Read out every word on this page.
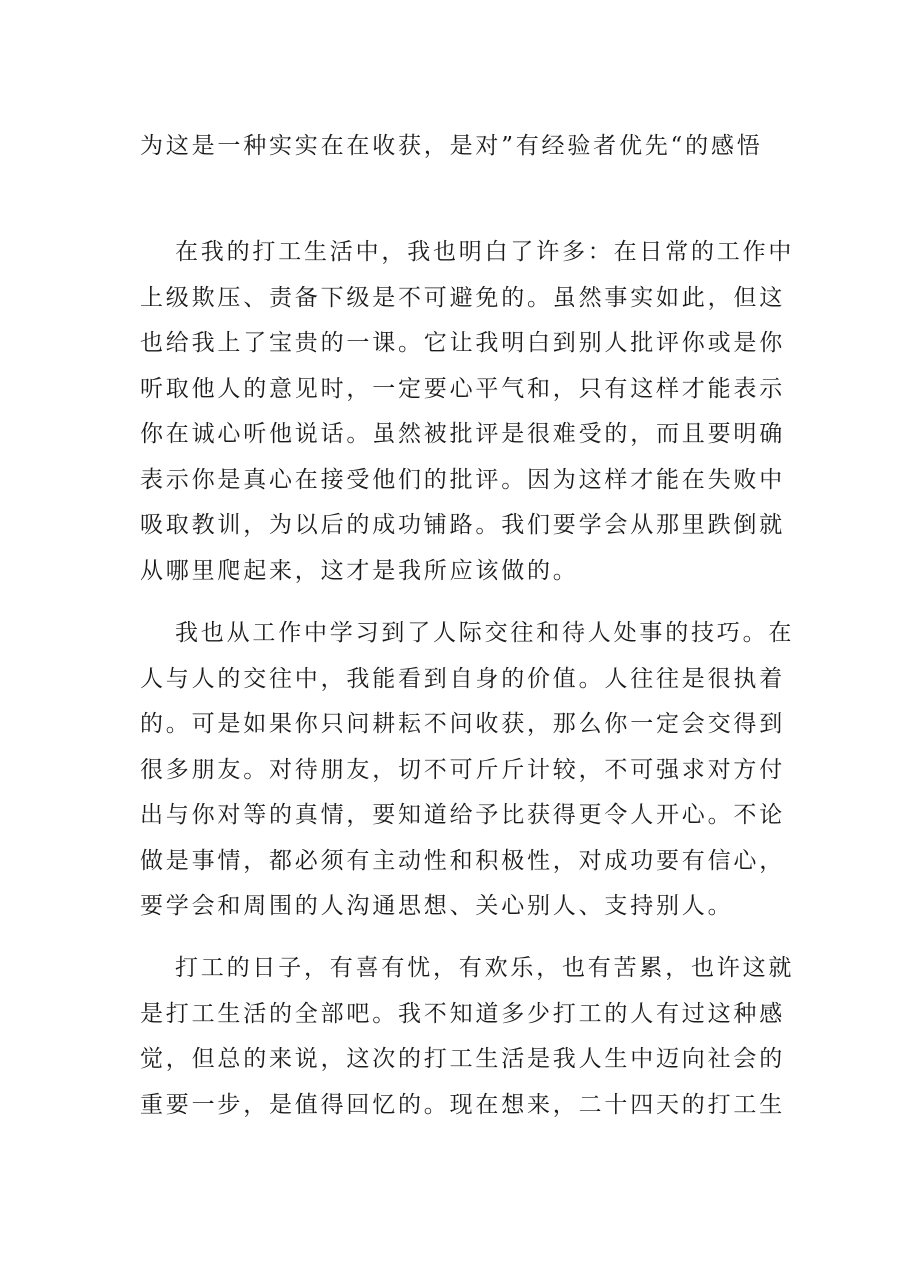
为这是一种实实在在收获，是对”有经验者优先“的感悟

在我的打工生活中，我也明白了许多：在日常的工作中

上级欺压、责备下级是不可避免的。虽然事实如此，但这

也给我上了宝贵的一课。它让我明白到别人批评你或是你

听取他人的意见时，一定要心平气和，只有这样才能表示

你在诚心听他说话。虽然被批评是很难受的，而且要明确

表示你是真心在接受他们的批评。因为这样才能在失败中

吸取教训，为以后的成功铺路。我们要学会从那里跌倒就

从哪里爬起来，这才是我所应该做的。

我也从工作中学习到了人际交往和待人处事的技巧。在

人与人的交往中，我能看到自身的价值。人往往是很执着

的。可是如果你只问耕耘不问收获，那么你一定会交得到

很多朋友。对待朋友，切不可斤斤计较，不可强求对方付

出与你对等的真情，要知道给予比获得更令人开心。不论

做是事情，都必须有主动性和积极性，对成功要有信心，

要学会和周围的人沟通思想、关心别人、支持别人。

打工的日子，有喜有忧，有欢乐，也有苦累，也许这就

是打工生活的全部吧。我不知道多少打工的人有过这种感

觉，但总的来说，这次的打工生活是我人生中迈向社会的

重要一步，是值得回忆的。现在想来，二十四天的打工生
